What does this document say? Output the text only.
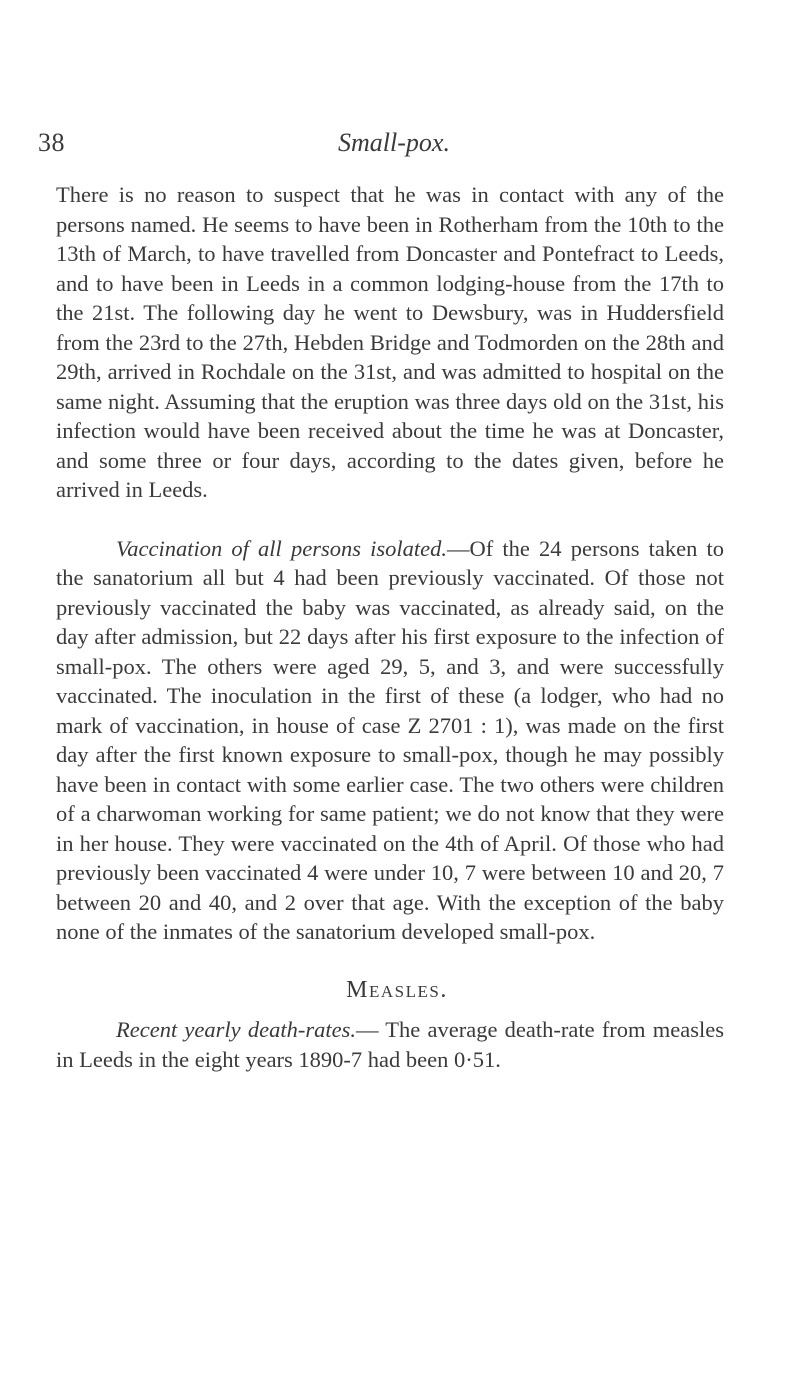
38	Small-pox.

There is no reason to suspect that he was in contact with any of the persons named. He seems to have been in Rotherham from the 10th to the 13th of March, to have travelled from Doncaster and Pontefract to Leeds, and to have been in Leeds in a common lodging-house from the 17th to the 21st. The following day he went to Dewsbury, was in Huddersfield from the 23rd to the 27th, Hebden Bridge and Todmorden on the 28th and 29th, arrived in Rochdale on the 31st, and was admitted to hospital on the same night. Assuming that the eruption was three days old on the 31st, his infection would have been received about the time he was at Doncaster, and some three or four days, according to the dates given, before he arrived in Leeds.

Vaccination of all persons isolated.—Of the 24 persons taken to the sanatorium all but 4 had been previously vaccinated. Of those not previously vaccinated the baby was vaccinated, as already said, on the day after admission, but 22 days after his first exposure to the infection of small-pox. The others were aged 29, 5, and 3, and were successfully vaccinated. The inoculation in the first of these (a lodger, who had no mark of vaccination, in house of case Z 2701 : 1), was made on the first day after the first known exposure to small-pox, though he may possibly have been in contact with some earlier case. The two others were children of a charwoman working for same patient; we do not know that they were in her house. They were vaccinated on the 4th of April. Of those who had previously been vaccinated 4 were under 10, 7 were between 10 and 20, 7 between 20 and 40, and 2 over that age. With the exception of the baby none of the inmates of the sanatorium developed small-pox.

Measles.

Recent yearly death-rates.— The average death-rate from measles in Leeds in the eight years 1890-7 had been 0·51.
